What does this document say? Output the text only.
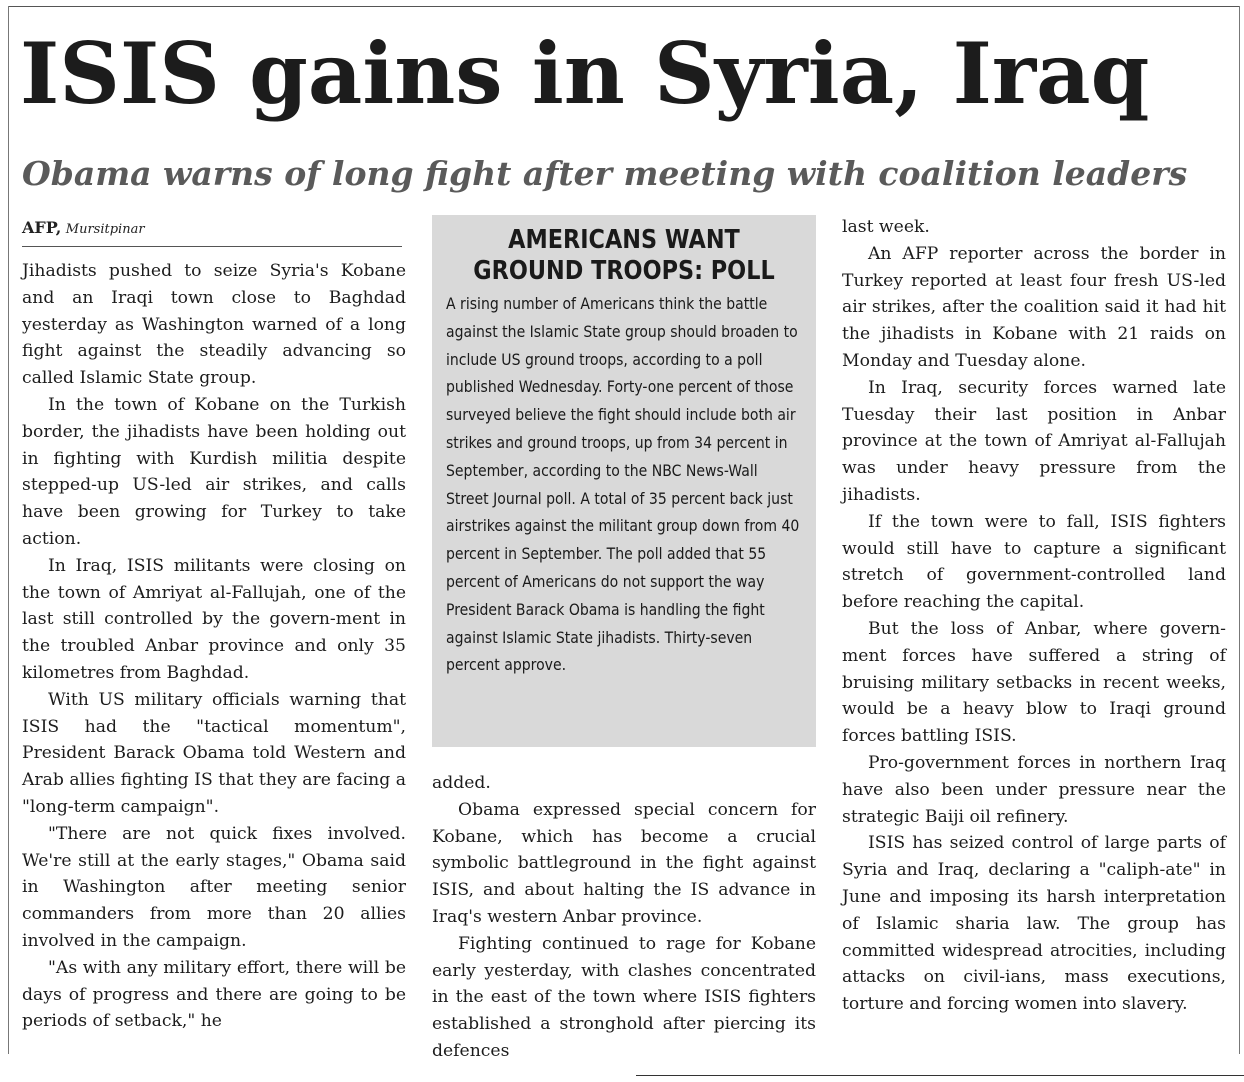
ISIS gains in Syria, Iraq
Obama warns of long fight after meeting with coalition leaders
AFP, Mursitpinar

Jihadists pushed to seize Syria's Kobane and an Iraqi town close to Baghdad yesterday as Washington warned of a long fight against the steadily advancing so called Islamic State group.

In the town of Kobane on the Turkish border, the jihadists have been holding out in fighting with Kurdish militia despite stepped-up US-led air strikes, and calls have been growing for Turkey to take action.

In Iraq, ISIS militants were closing on the town of Amriyat al-Fallujah, one of the last still controlled by the govern-ment in the troubled Anbar province and only 35 kilometres from Baghdad.

With US military officials warning that ISIS had the "tactical momentum", President Barack Obama told Western and Arab allies fighting IS that they are facing a "long-term campaign".

"There are not quick fixes involved. We're still at the early stages," Obama said in Washington after meeting senior commanders from more than 20 allies involved in the campaign.

"As with any military effort, there will be days of progress and there are going to be periods of setback," he

AMERICANS WANT
GROUND TROOPS: POLL

A rising number of Americans think the battle against the Islamic State group should broaden to include US ground troops, according to a poll published Wednesday. Forty-one percent of those surveyed believe the fight should include both air strikes and ground troops, up from 34 percent in September, according to the NBC News-Wall Street Journal poll. A total of 35 percent back just airstrikes against the militant group down from 40 percent in September. The poll added that 55 percent of Americans do not support the way President Barack Obama is handling the fight against Islamic State jihadists. Thirty-seven percent approve.

added.

Obama expressed special concern for Kobane, which has become a crucial symbolic battleground in the fight against ISIS, and about halting the IS advance in Iraq's western Anbar province.

Fighting continued to rage for Kobane early yesterday, with clashes concentrated in the east of the town where ISIS fighters established a stronghold after piercing its defences

last week.

An AFP reporter across the border in Turkey reported at least four fresh US-led air strikes, after the coalition said it had hit the jihadists in Kobane with 21 raids on Monday and Tuesday alone.

In Iraq, security forces warned late Tuesday their last position in Anbar province at the town of Amriyat al-Fallujah was under heavy pressure from the jihadists.

If the town were to fall, ISIS fighters would still have to capture a significant stretch of government-controlled land before reaching the capital.

But the loss of Anbar, where govern-ment forces have suffered a string of bruising military setbacks in recent weeks, would be a heavy blow to Iraqi ground forces battling ISIS.

Pro-government forces in northern Iraq have also been under pressure near the strategic Baiji oil refinery.

ISIS has seized control of large parts of Syria and Iraq, declaring a "caliph-ate" in June and imposing its harsh interpretation of Islamic sharia law. The group has committed widespread atrocities, including attacks on civil-ians, mass executions, torture and forcing women into slavery.
